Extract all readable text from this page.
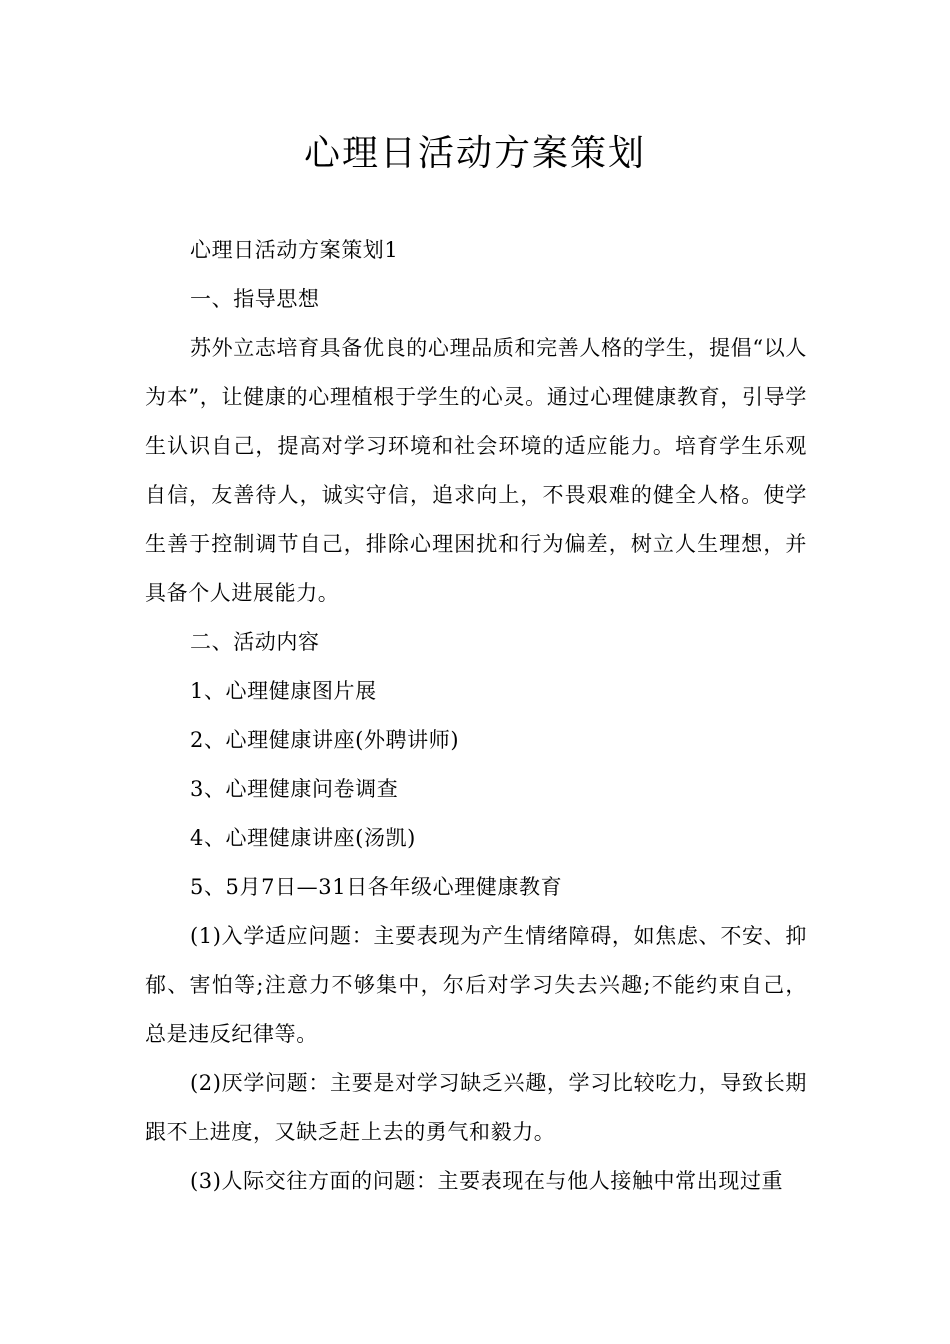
心理日活动方案策划

心理日活动方案策划1

一、指导思想

苏外立志培育具备优良的心理品质和完善人格的学生，提倡“以人为本”，让健康的心理植根于学生的心灵。通过心理健康教育，引导学生认识自己，提高对学习环境和社会环境的适应能力。培育学生乐观自信，友善待人，诚实守信，追求向上，不畏艰难的健全人格。使学生善于控制调节自己，排除心理困扰和行为偏差，树立人生理想，并具备个人进展能力。

二、活动内容

1、心理健康图片展

2、心理健康讲座(外聘讲师)

3、心理健康问卷调查

4、心理健康讲座(汤凯)

5、5月7日—31日各年级心理健康教育

(1)入学适应问题：主要表现为产生情绪障碍，如焦虑、不安、抑郁、害怕等;注意力不够集中，尔后对学习失去兴趣;不能约束自己，总是违反纪律等。

(2)厌学问题：主要是对学习缺乏兴趣，学习比较吃力，导致长期跟不上进度，又缺乏赶上去的勇气和毅力。

(3)人际交往方面的问题：主要表现在与他人接触中常出现过重
